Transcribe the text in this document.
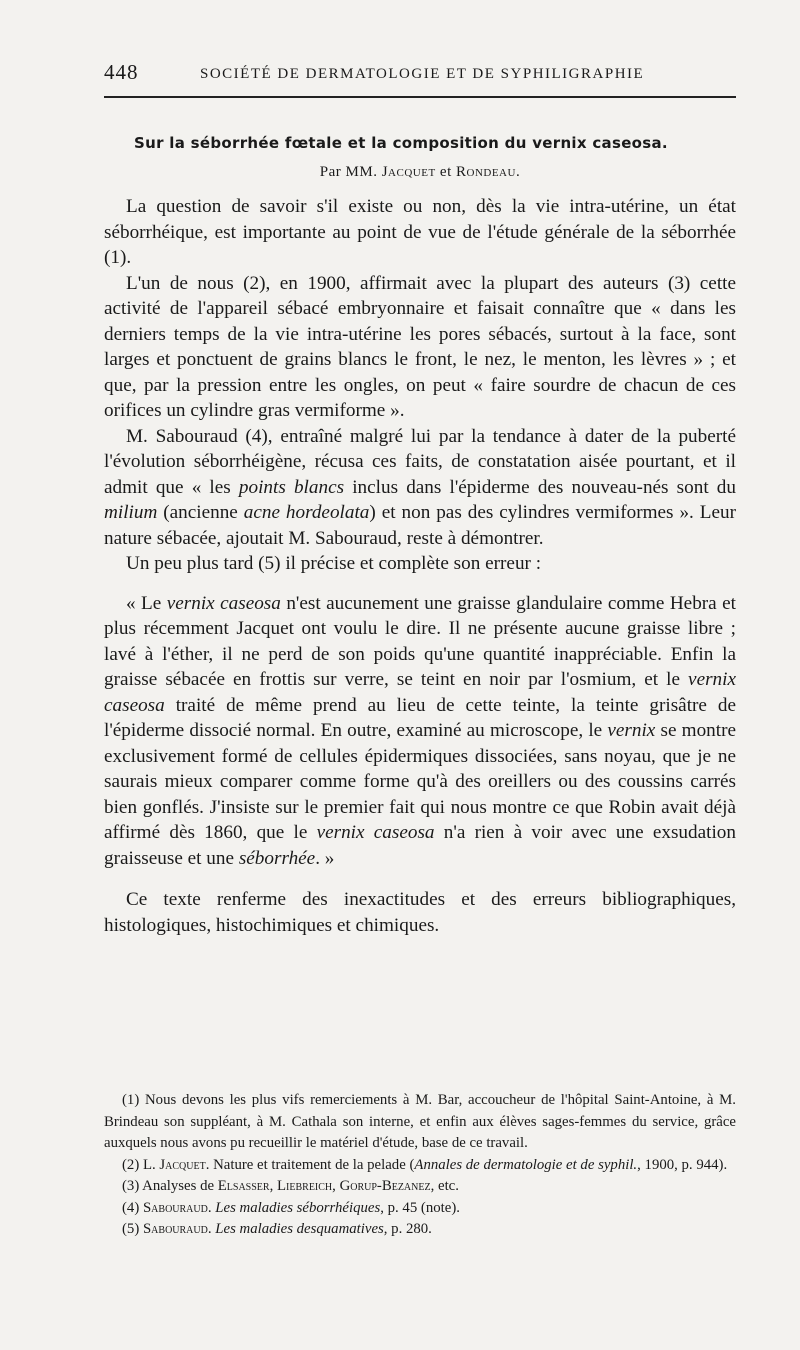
448	SOCIÉTÉ DE DERMATOLOGIE ET DE SYPHILIGRAPHIE
Sur la séborrhée fœtale et la composition du vernix caseosa.
Par MM. Jacquet et Rondeau.

La question de savoir s'il existe ou non, dès la vie intra-utérine, un état séborrhéique, est importante au point de vue de l'étude générale de la séborrhée (1).

L'un de nous (2), en 1900, affirmait avec la plupart des auteurs (3) cette activité de l'appareil sébacé embryonnaire et faisait connaître que « dans les derniers temps de la vie intra-utérine les pores sébacés, surtout à la face, sont larges et ponctuent de grains blancs le front, le nez, le menton, les lèvres » ; et que, par la pression entre les ongles, on peut « faire sourdre de chacun de ces orifices un cylindre gras vermiforme ».

M. Sabouraud (4), entraîné malgré lui par la tendance à dater de la puberté l'évolution séborrhéigène, récusa ces faits, de constatation aisée pourtant, et il admit que « les points blancs inclus dans l'épiderme des nouveau-nés sont du milium (ancienne acne hordeolata) et non pas des cylindres vermiformes ». Leur nature sébacée, ajoutait M. Sabouraud, reste à démontrer.

Un peu plus tard (5) il précise et complète son erreur :

« Le vernix caseosa n'est aucunement une graisse glandulaire comme Hebra et plus récemment Jacquet ont voulu le dire. Il ne présente aucune graisse libre ; lavé à l'éther, il ne perd de son poids qu'une quantité inappréciable. Enfin la graisse sébacée en frottis sur verre, se teint en noir par l'osmium, et le vernix caseosa traité de même prend au lieu de cette teinte, la teinte grisâtre de l'épiderme dissocié normal. En outre, examiné au microscope, le vernix se montre exclusivement formé de cellules épidermiques dissociées, sans noyau, que je ne saurais mieux comparer comme forme qu'à des oreillers ou des coussins carrés bien gonflés. J'insiste sur le premier fait qui nous montre ce que Robin avait déjà affirmé dès 1860, que le vernix caseosa n'a rien à voir avec une exsudation graisseuse et une séborrhée. »

Ce texte renferme des inexactitudes et des erreurs bibliographiques, histologiques, histochimiques et chimiques.

(1) Nous devons les plus vifs remerciements à M. Bar, accoucheur de l'hôpital Saint-Antoine, à M. Brindeau son suppléant, à M. Cathala son interne, et enfin aux élèves sages-femmes du service, grâce auxquels nous avons pu recueillir le matériel d'étude, base de ce travail.

(2) L. Jacquet. Nature et traitement de la pelade (Annales de dermatologie et de syphil., 1900, p. 944).

(3) Analyses de Elsasser, Liebreich, Gorup-Bezanez, etc.

(4) Sabouraud. Les maladies séborrhéiques, p. 45 (note).

(5) Sabouraud. Les maladies desquamatives, p. 280.
